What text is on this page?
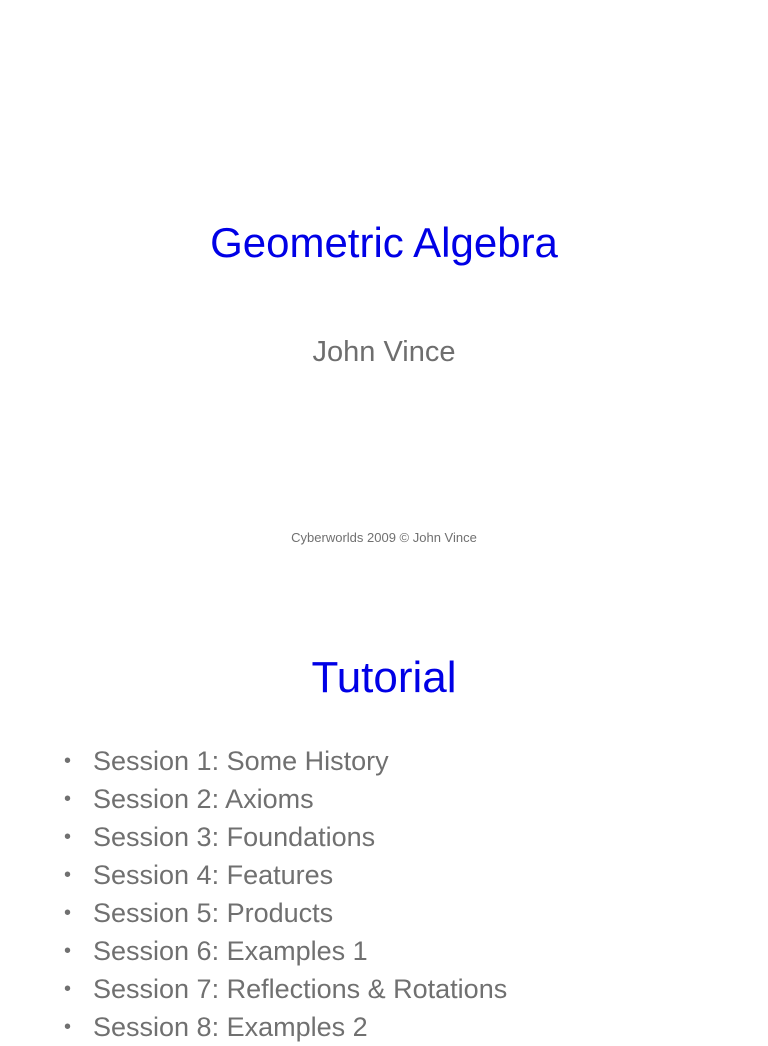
Geometric Algebra
John Vince
Cyberworlds 2009 © John Vince
Tutorial
• Session 1: Some History
• Session 2: Axioms
• Session 3: Foundations
• Session 4: Features
• Session 5: Products
• Session 6: Examples 1
• Session 7: Reflections & Rotations
• Session 8: Examples 2
